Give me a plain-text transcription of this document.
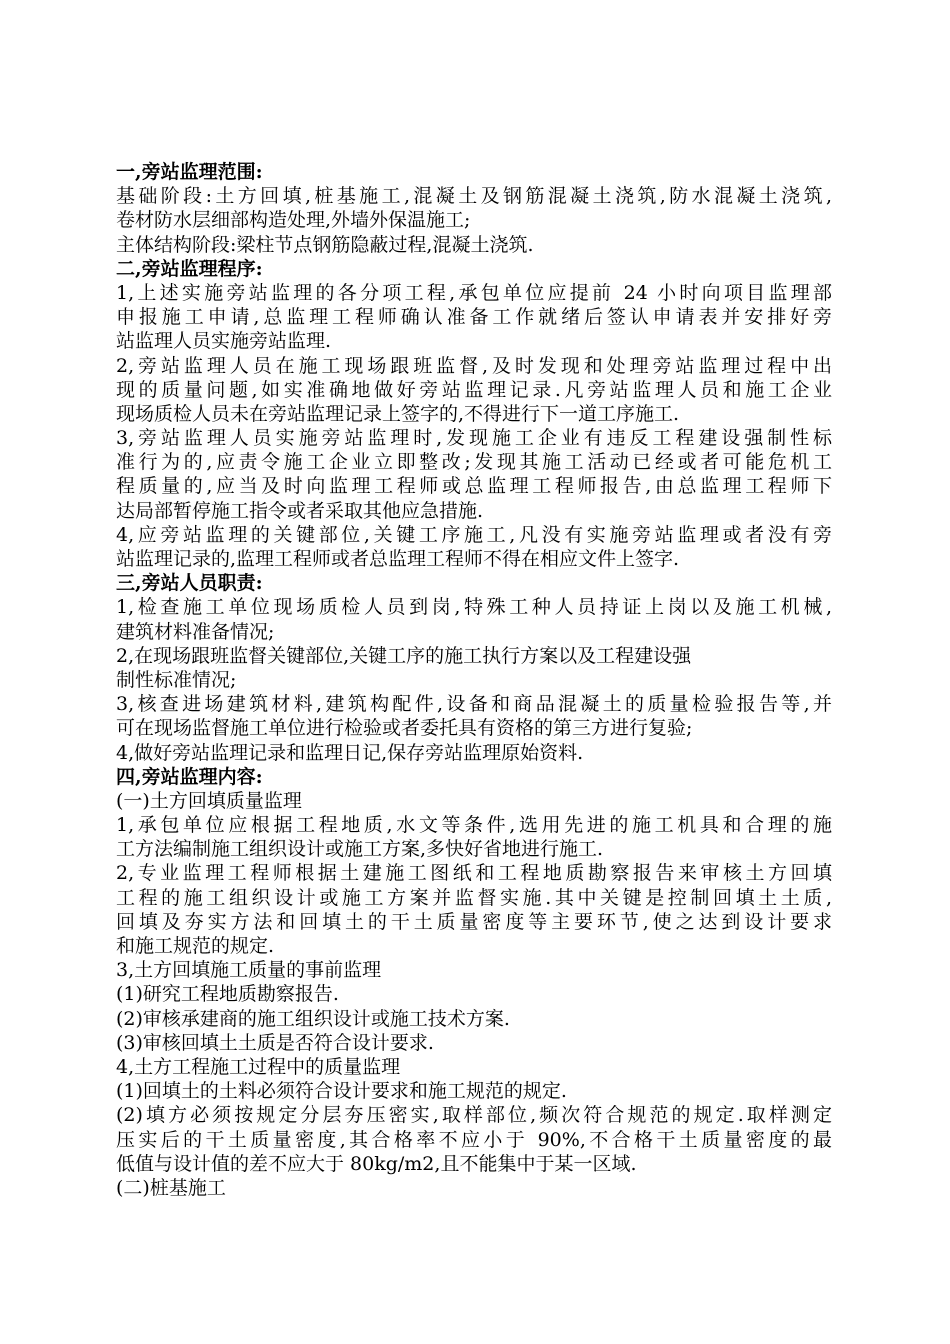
一,旁站监理范围:

基础阶段:土方回填,桩基施工,混凝土及钢筋混凝土浇筑,防水混凝土浇筑,

卷材防水层细部构造处理,外墙外保温施工;

主体结构阶段:梁柱节点钢筋隐蔽过程,混凝土浇筑.

二,旁站监理程序:

1,上述实施旁站监理的各分项工程,承包单位应提前 24 小时向项目监理部

申报施工申请,总监理工程师确认准备工作就绪后签认申请表并安排好旁

站监理人员实施旁站监理.

2,旁站监理人员在施工现场跟班监督,及时发现和处理旁站监理过程中出

现的质量问题,如实准确地做好旁站监理记录.凡旁站监理人员和施工企业

现场质检人员未在旁站监理记录上签字的,不得进行下一道工序施工.

3,旁站监理人员实施旁站监理时,发现施工企业有违反工程建设强制性标

准行为的,应责令施工企业立即整改;发现其施工活动已经或者可能危机工

程质量的,应当及时向监理工程师或总监理工程师报告,由总监理工程师下

达局部暂停施工指令或者采取其他应急措施.

4,应旁站监理的关键部位,关键工序施工,凡没有实施旁站监理或者没有旁

站监理记录的,监理工程师或者总监理工程师不得在相应文件上签字.

三,旁站人员职责:

1,检查施工单位现场质检人员到岗,特殊工种人员持证上岗以及施工机械,

建筑材料准备情况;

2,在现场跟班监督关键部位,关键工序的施工执行方案以及工程建设强

制性标准情况;

3,核查进场建筑材料,建筑构配件,设备和商品混凝土的质量检验报告等,并

可在现场监督施工单位进行检验或者委托具有资格的第三方进行复验;

4,做好旁站监理记录和监理日记,保存旁站监理原始资料.

四,旁站监理内容:

(一)土方回填质量监理

1,承包单位应根据工程地质,水文等条件,选用先进的施工机具和合理的施

工方法编制施工组织设计或施工方案,多快好省地进行施工.

2,专业监理工程师根据土建施工图纸和工程地质勘察报告来审核土方回填

工程的施工组织设计或施工方案并监督实施.其中关键是控制回填土土质,

回填及夯实方法和回填土的干土质量密度等主要环节,使之达到设计要求

和施工规范的规定.

3,土方回填施工质量的事前监理

(1)研究工程地质勘察报告.

(2)审核承建商的施工组织设计或施工技术方案.

(3)审核回填土土质是否符合设计要求.

4,土方工程施工过程中的质量监理

(1)回填土的土料必须符合设计要求和施工规范的规定.

(2)填方必须按规定分层夯压密实,取样部位,频次符合规范的规定.取样测定

压实后的干土质量密度,其合格率不应小于 90%,不合格干土质量密度的最

低值与设计值的差不应大于 80kg/m2,且不能集中于某一区域.

(二)桩基施工
